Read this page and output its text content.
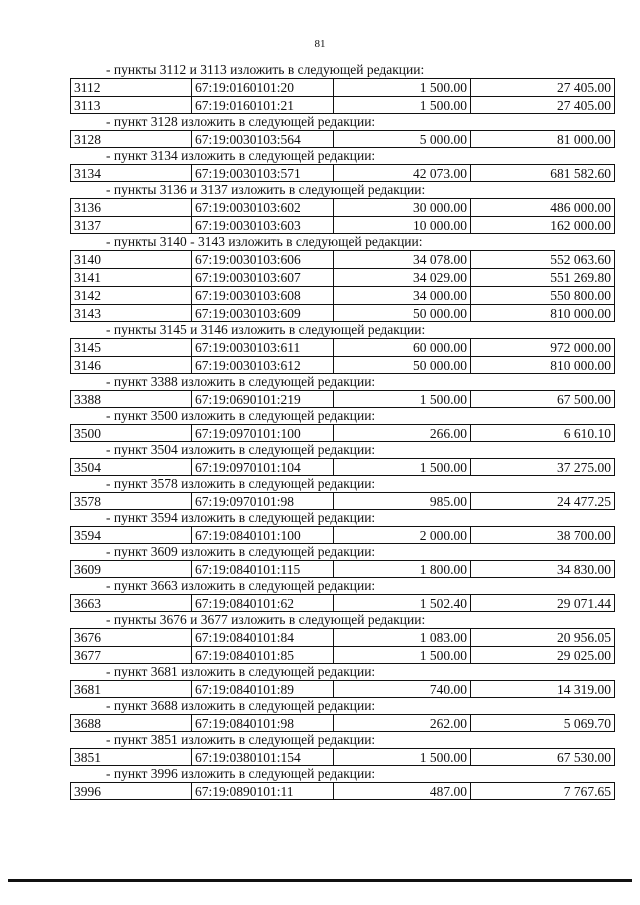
81
- пункты 3112 и 3113 изложить в следующей редакции:
3112	67:19:0160101:20	1 500.00	27 405.00
3113	67:19:0160101:21	1 500.00	27 405.00
- пункт 3128 изложить в следующей редакции:
3128	67:19:0030103:564	5 000.00	81 000.00
- пункт 3134 изложить в следующей редакции:
3134	67:19:0030103:571	42 073.00	681 582.60
- пункты 3136 и 3137 изложить в следующей редакции:
3136	67:19:0030103:602	30 000.00	486 000.00
3137	67:19:0030103:603	10 000.00	162 000.00
- пункты 3140 - 3143 изложить в следующей редакции:
3140	67:19:0030103:606	34 078.00	552 063.60
3141	67:19:0030103:607	34 029.00	551 269.80
3142	67:19:0030103:608	34 000.00	550 800.00
3143	67:19:0030103:609	50 000.00	810 000.00
- пункты 3145 и 3146 изложить в следующей редакции:
3145	67:19:0030103:611	60 000.00	972 000.00
3146	67:19:0030103:612	50 000.00	810 000.00
- пункт 3388 изложить в следующей редакции:
3388	67:19:0690101:219	1 500.00	67 500.00
- пункт 3500 изложить в следующей редакции:
3500	67:19:0970101:100	266.00	6 610.10
- пункт 3504 изложить в следующей редакции:
3504	67:19:0970101:104	1 500.00	37 275.00
- пункт 3578 изложить в следующей редакции:
3578	67:19:0970101:98	985.00	24 477.25
- пункт 3594 изложить в следующей редакции:
3594	67:19:0840101:100	2 000.00	38 700.00
- пункт 3609 изложить в следующей редакции:
3609	67:19:0840101:115	1 800.00	34 830.00
- пункт 3663 изложить в следующей редакции:
3663	67:19:0840101:62	1 502.40	29 071.44
- пункты 3676 и 3677 изложить в следующей редакции:
3676	67:19:0840101:84	1 083.00	20 956.05
3677	67:19:0840101:85	1 500.00	29 025.00
- пункт 3681 изложить в следующей редакции:
3681	67:19:0840101:89	740.00	14 319.00
- пункт 3688 изложить в следующей редакции:
3688	67:19:0840101:98	262.00	5 069.70
- пункт 3851 изложить в следующей редакции:
3851	67:19:0380101:154	1 500.00	67 530.00
- пункт 3996 изложить в следующей редакции:
3996	67:19:0890101:11	487.00	7 767.65
